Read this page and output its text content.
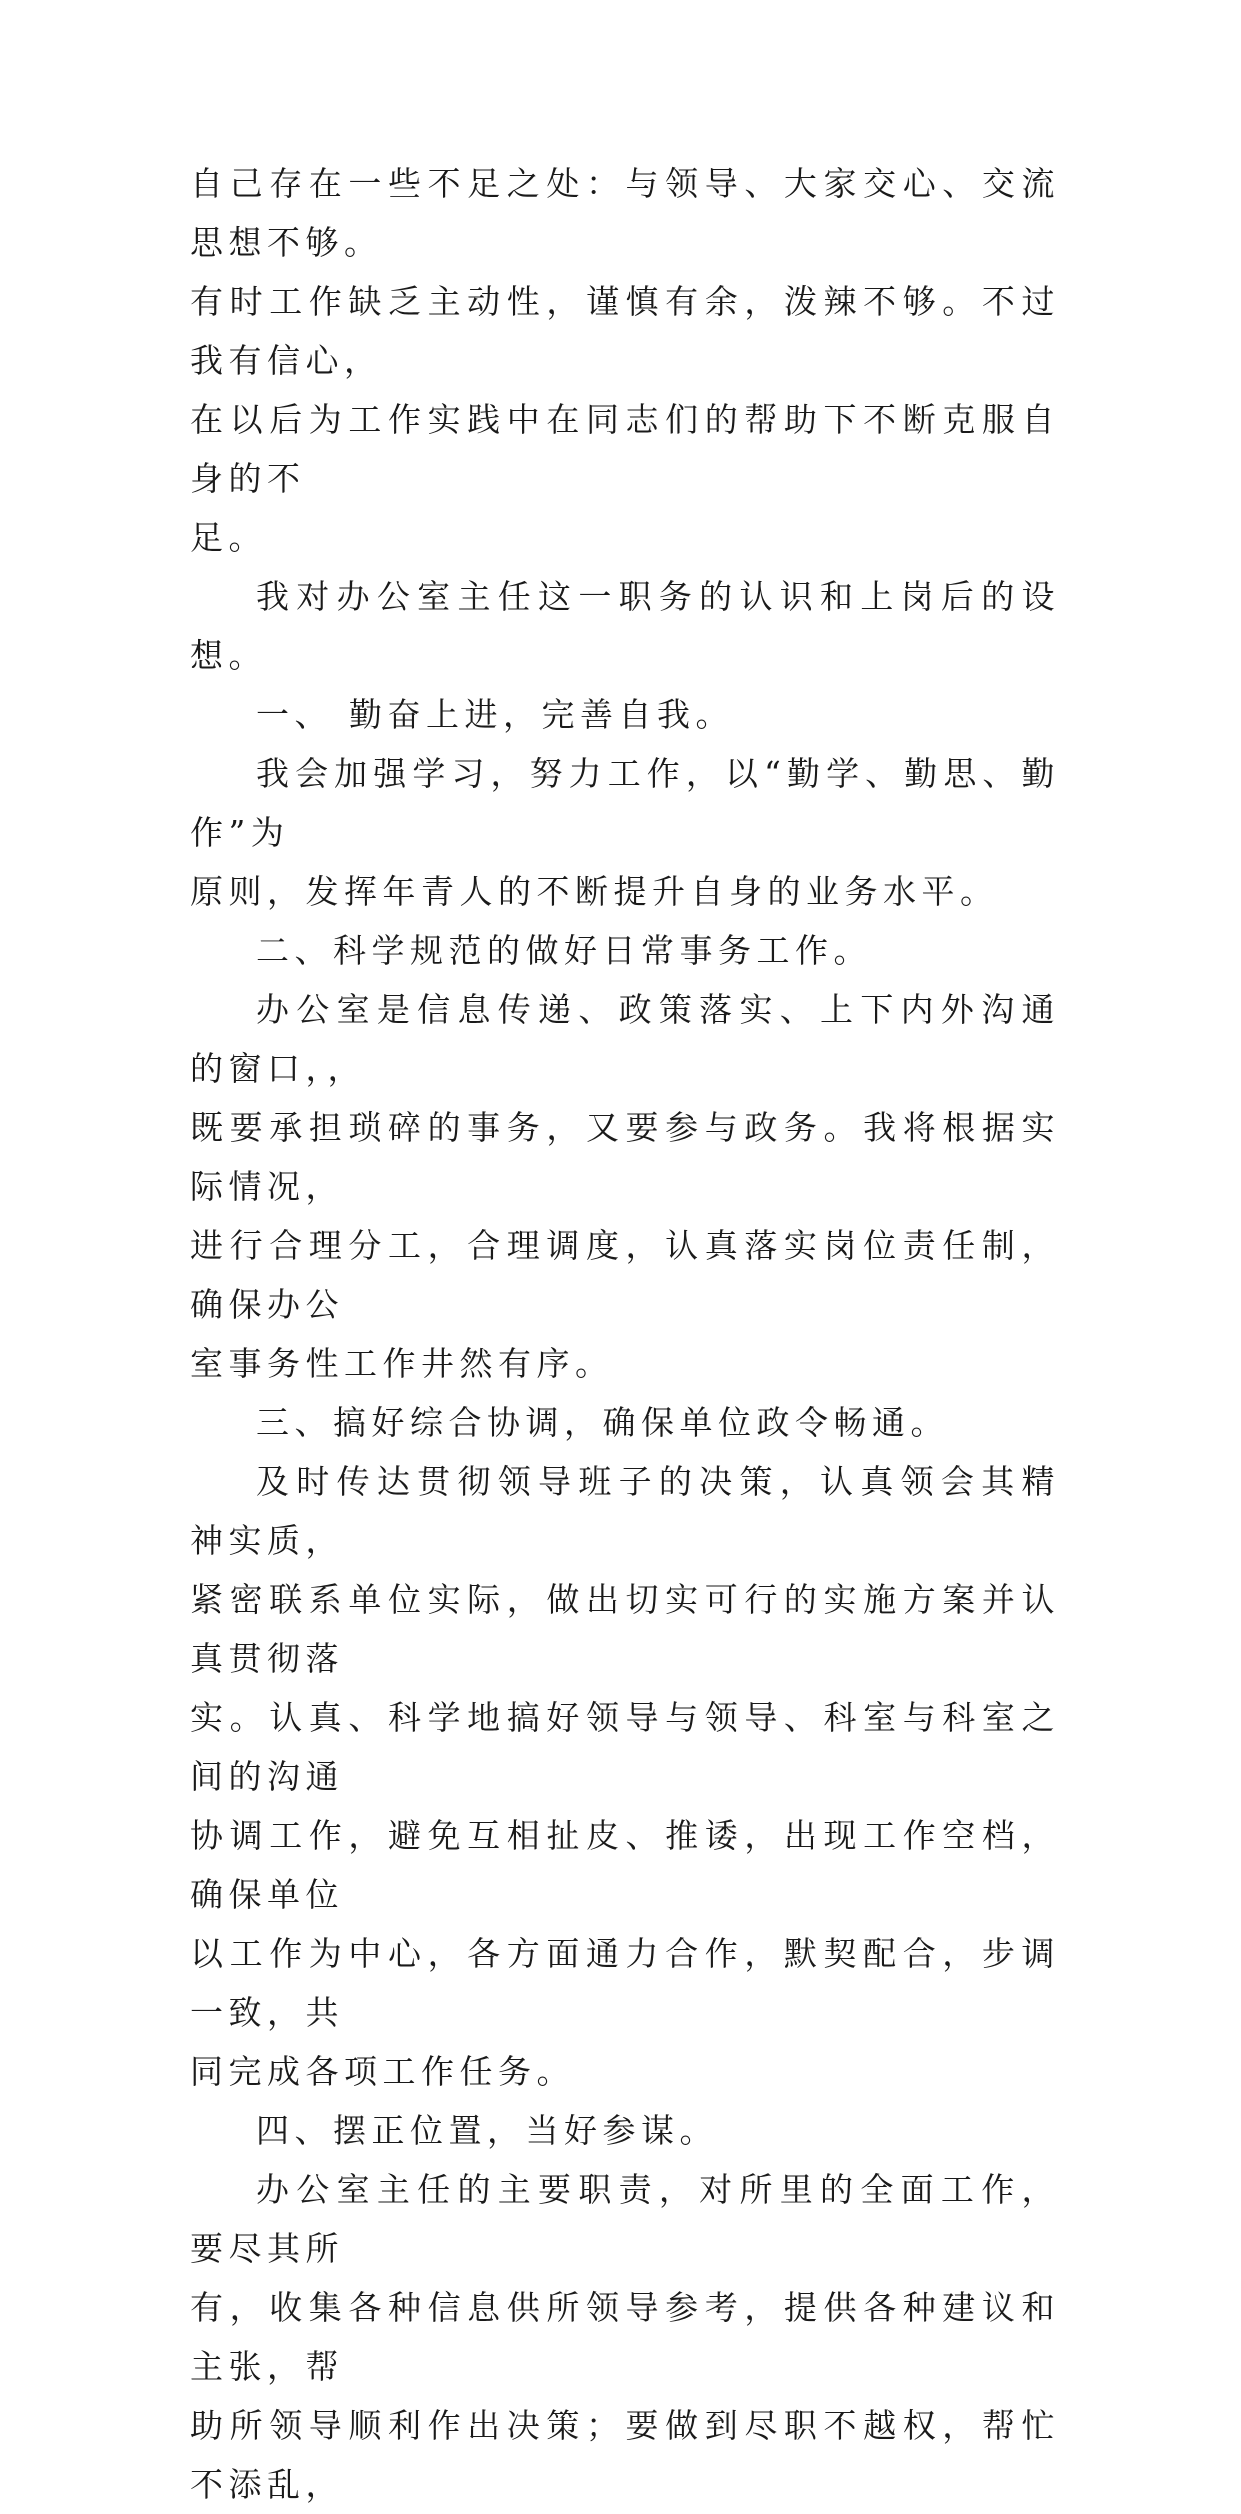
自己存在一些不足之处：与领导、大家交心、交流思想不够。
有时工作缺乏主动性，谨慎有余，泼辣不够。不过我有信心，
在以后为工作实践中在同志们的帮助下不断克服自身的不
足。

我对办公室主任这一职务的认识和上岗后的设想。

一、 勤奋上进，完善自我。

我会加强学习，努力工作，以“勤学、勤思、勤作”为
原则，发挥年青人的不断提升自身的业务水平。

二、科学规范的做好日常事务工作。

办公室是信息传递、政策落实、上下内外沟通的窗口，，
既要承担琐碎的事务，又要参与政务。我将根据实际情况，
进行合理分工，合理调度，认真落实岗位责任制，确保办公
室事务性工作井然有序。

三、搞好综合协调，确保单位政令畅通。

及时传达贯彻领导班子的决策，认真领会其精神实质，
紧密联系单位实际，做出切实可行的实施方案并认真贯彻落
实。认真、科学地搞好领导与领导、科室与科室之间的沟通
协调工作，避免互相扯皮、推诿，出现工作空档，确保单位
以工作为中心，各方面通力合作，默契配合，步调一致，共
同完成各项工作任务。

四、摆正位置，当好参谋。

办公室主任的主要职责，对所里的全面工作，要尽其所
有，收集各种信息供所领导参考，提供各种建议和主张，帮
助所领导顺利作出决策；要做到尽职不越权，帮忙不添乱，
